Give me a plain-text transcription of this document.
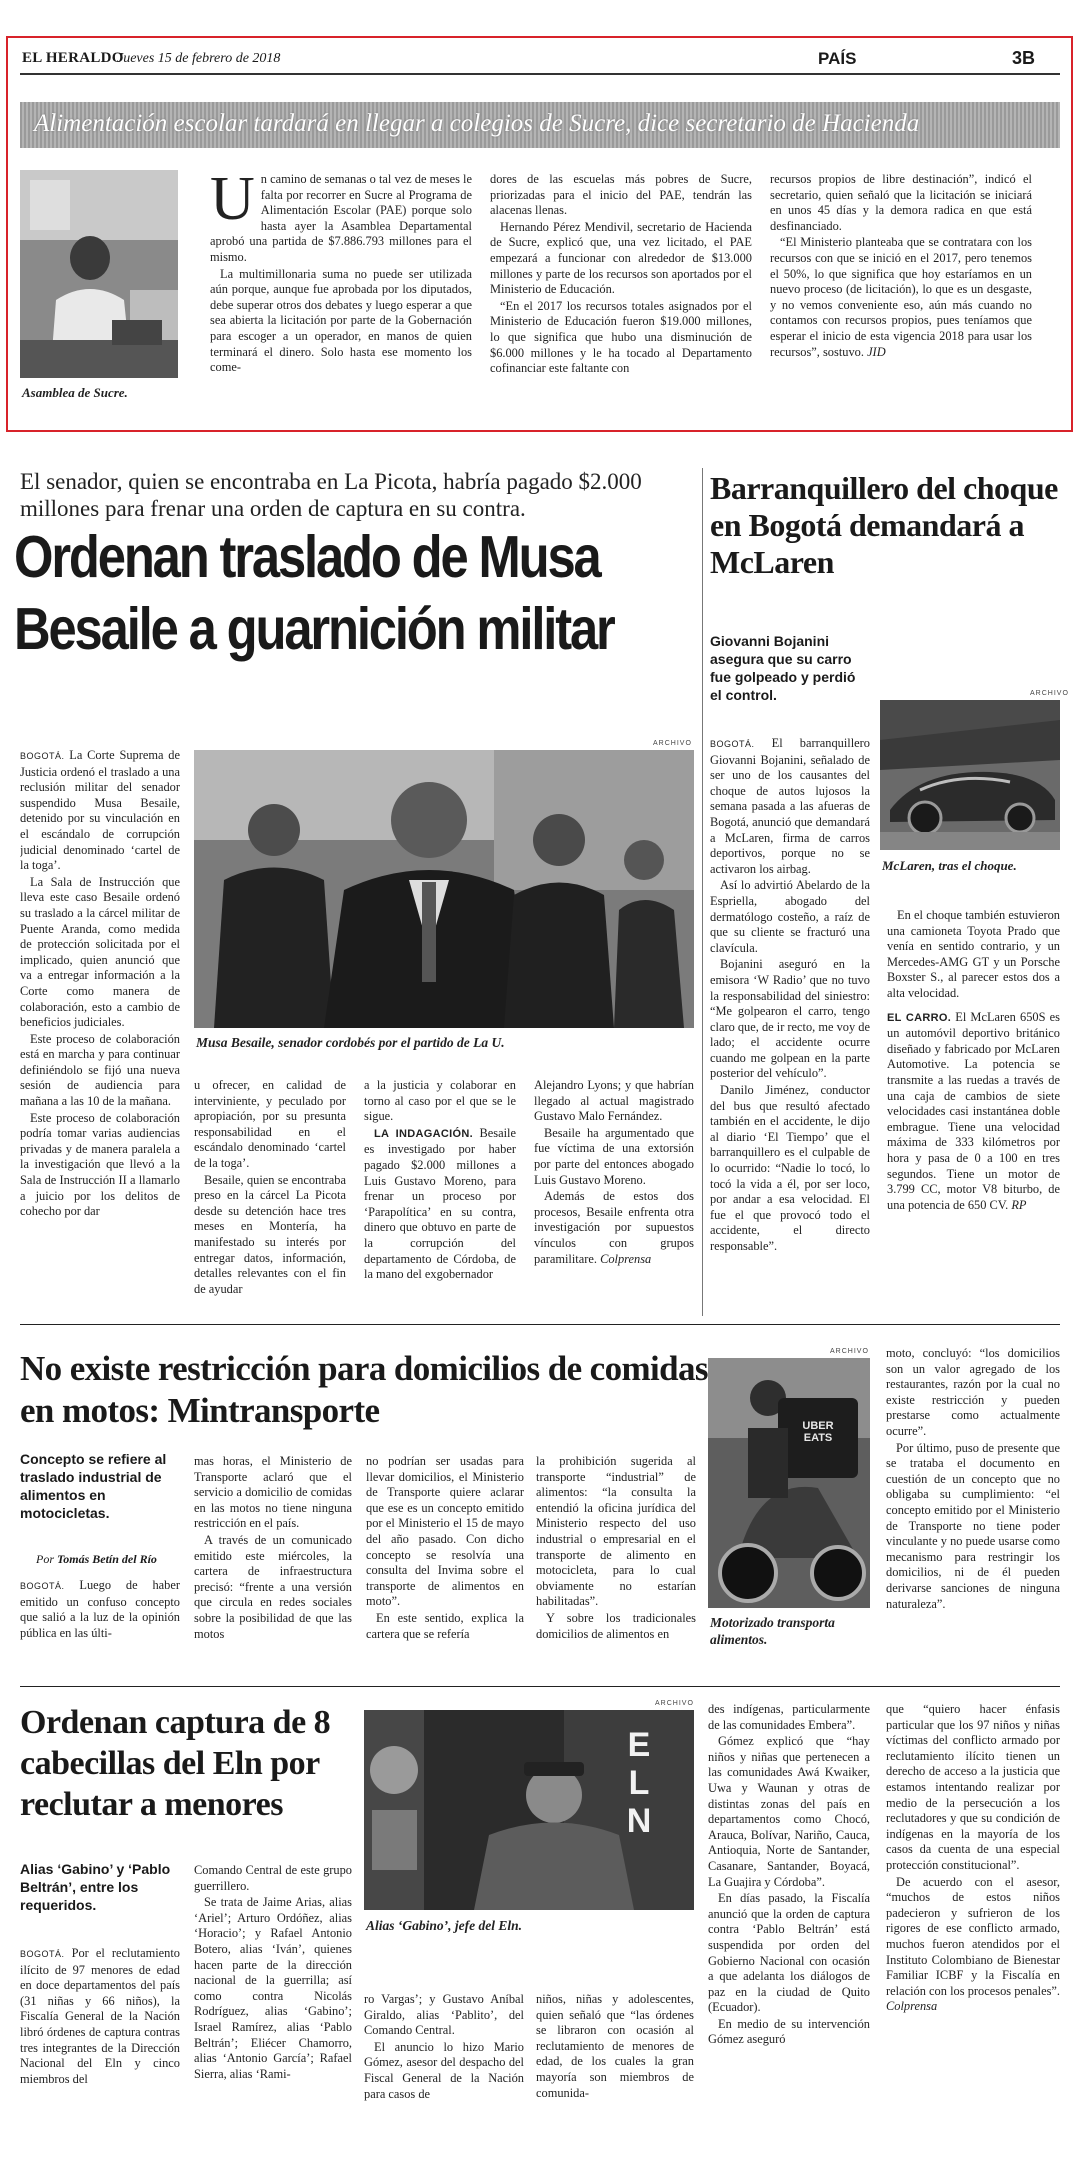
EL HERALDO
Jueves 15 de febrero de 2018	PAÍS	3B
Alimentación escolar tardará en llegar a colegios de Sucre, dice secretario de Hacienda
Asamblea de Sucre.
U n camino de semanas o tal vez de meses le falta por recorrer en Sucre al Programa de Alimentación Escolar (PAE) porque solo hasta ayer la Asamblea Departamental aprobó una partida de $7.886.793 millones para el mismo.

La multimillonaria suma no puede ser utilizada aún porque, aunque fue aprobada por los diputados, debe superar otros dos debates y luego esperar a que sea abierta la licitación por parte de la Gobernación para escoger a un operador, en manos de quien terminará el dinero. Solo hasta ese momento los come-

dores de las escuelas más pobres de Sucre, priorizadas para el inicio del PAE, tendrán las alacenas llenas.

Hernando Pérez Mendivil, secretario de Hacienda de Sucre, explicó que, una vez licitado, el PAE empezará a funcionar con alrededor de $13.000 millones y parte de los recursos son aportados por el Ministerio de Educación.

“En el 2017 los recursos totales asignados por el Ministerio de Educación fueron $19.000 millones, lo que significa que hubo una disminución de $6.000 millones y le ha tocado al Departamento cofinanciar este faltante con

recursos propios de libre destinación”, indicó el secretario, quien señaló que la licitación se iniciará en unos 45 días y la demora radica en que está desfinanciado.

“El Ministerio planteaba que se contratara con los recursos con que se inició en el 2017, pero tenemos el 50%, lo que significa que hoy estaríamos en un nuevo proceso (de licitación), lo que es un desgaste, y no vemos conveniente eso, aún más cuando no contamos con recursos propios, pues teníamos que esperar el inicio de esta vigencia 2018 para usar los recursos”, sostuvo. JID

El senador, quien se encontraba en La Picota, habría pagado $2.000 millones para frenar una orden de captura en su contra.
Ordenan traslado de Musa
Besaile a guarnición militar

BOGOTÁ. La Corte Suprema de Justicia ordenó el traslado a una reclusión militar del senador suspendido Musa Besaile, detenido por su vinculación en el escándalo de corrupción judicial denominado ‘cartel de la toga’.

La Sala de Instrucción que lleva este caso Besaile ordenó su traslado a la cárcel militar de Puente Aranda, como medida de protección solicitada por el implicado, quien anunció que va a entregar información a la Corte como manera de colaboración, esto a cambio de beneficios judiciales.

Este proceso de colaboración está en marcha y para continuar definiéndolo se fijó una nueva sesión de audiencia para mañana a las 10 de la mañana.

Este proceso de colaboración podría tomar varias audiencias privadas y de manera paralela a la investigación que llevó a la Sala de Instrucción II a llamarlo a juicio por los delitos de cohecho por dar

ARCHIVO
Musa Besaile, senador cordobés por el partido de La U.

u ofrecer, en calidad de interviniente, y peculado por apropiación, por su presunta responsabilidad en el escándalo denominado ‘cartel de la toga’.

Besaile, quien se encontraba preso en la cárcel La Picota desde su detención hace tres meses en Montería, ha manifestado su interés por entregar datos, información, detalles relevantes con el fin de ayudar

a la justicia y colaborar en torno al caso por el que se le sigue.

LA INDAGACIÓN. Besaile es investigado por haber pagado $2.000 millones a Luis Gustavo Moreno, para frenar un proceso por ‘Parapolítica’ en su contra, dinero que obtuvo en parte de la corrupción del departamento de Córdoba, de la mano del exgobernador

Alejandro Lyons; y que habrían llegado al actual magistrado Gustavo Malo Fernández.

Besaile ha argumentado que fue víctima de una extorsión por parte del entonces abogado Luis Gustavo Moreno.

Además de estos dos procesos, Besaile enfrenta otra investigación por supuestos vínculos con grupos paramilitare. Colprensa

Barranquillero del choque en Bogotá demandará a McLaren
Giovanni Bojanini asegura que su carro fue golpeado y perdió el control.	ARCHIVO
McLaren, tras el choque.

BOGOTÁ. El barranquillero Giovanni Bojanini, señalado de ser uno de los causantes del choque de autos lujosos la semana pasada a las afueras de Bogotá, anunció que demandará a McLaren, firma de carros deportivos, porque no se activaron los airbag.

Así lo advirtió Abelardo de la Espriella, abogado del dermatólogo costeño, a raíz de que su cliente se fracturó una clavícula.

Bojanini aseguró en la emisora ‘W Radio’ que no tuvo la responsabilidad del siniestro: “Me golpearon el carro, tengo claro que, de ir recto, me voy de lado; el accidente ocurre cuando me golpean en la parte posterior del vehículo”.

Danilo Jiménez, conductor del bus que resultó afectado también en el accidente, le dijo al diario ‘El Tiempo’ que el barranquillero es el culpable de lo ocurrido: “Nadie lo tocó, lo tocó la vida a él, por ser loco, por andar a esa velocidad. El fue el que provocó todo el accidente, el directo responsable”.

En el choque también estuvieron una camioneta Toyota Prado que venía en sentido contrario, y un Mercedes-AMG GT y un Porsche Boxster S., al parecer estos dos a alta velocidad.

EL CARRO. El McLaren 650S es un automóvil deportivo británico diseñado y fabricado por McLaren Automotive. La potencia se transmite a las ruedas a través de una caja de cambios de siete velocidades casi instantánea doble embrague. Tiene una velocidad máxima de 333 kilómetros por hora y pasa de 0 a 100 en tres segundos. Tiene un motor de 3.799 CC, motor V8 biturbo, de una potencia de 650 CV. RP

No existe restricción para domicilios de comidas en motos: Mintransporte
Concepto se refiere al traslado industrial de alimentos en motocicletas.
Por Tomás Betín del Río

BOGOTÁ. Luego de haber emitido un confuso concepto que salió a la luz de la opinión pública en las últi-

mas horas, el Ministerio de Transporte aclaró que el servicio a domicilio de comidas en las motos no tiene ninguna restricción en el país.

A través de un comunicado emitido este miércoles, la cartera de infraestructura precisó: “frente a una versión que circula en redes sociales sobre la posibilidad de que las motos

no podrían ser usadas para llevar domicilios, el Ministerio de Transporte quiere aclarar que ese es un concepto emitido por el Ministerio el 15 de mayo del año pasado. Con dicho concepto se resolvía una consulta del Invima sobre el transporte de alimentos en moto”.

En este sentido, explica la cartera que se refería

la prohibición sugerida al transporte “industrial” de alimentos: “la consulta la entendió la oficina jurídica del Ministerio respecto del uso industrial o empresarial en el transporte de alimento en motocicleta, para lo cual obviamente no estarían habilitadas”.

Y sobre los tradicionales domicilios de alimentos en

ARCHIVO
UBER EATS
Motorizado transporta alimentos.

moto, concluyó: “los domicilios son un valor agregado de los restaurantes, razón por la cual no existe restricción y pueden prestarse como actualmente ocurre”.

Por último, puso de presente que se trataba el documento en cuestión de un concepto que no obligaba su cumplimiento: “el concepto emitido por el Ministerio de Transporte no tiene poder vinculante y no puede usarse como mecanismo para restringir los domicilios, ni de él pueden derivarse sanciones de ninguna naturaleza”.

Ordenan captura de 8 cabecillas del Eln por reclutar a menores
Alias ‘Gabino’ y ‘Pablo Beltrán’, entre los requeridos.

BOGOTÁ. Por el reclutamiento ilícito de 97 menores de edad en doce departamentos del país (31 niñas y 66 niños), la Fiscalía General de la Nación libró órdenes de captura contras tres integrantes de la Dirección Nacional del Eln y cinco miembros del

ARCHIVO
ELN
Alias ‘Gabino’, jefe del Eln.

Comando Central de este grupo guerrillero.

Se trata de Jaime Arias, alias ‘Ariel’; Arturo Ordóñez, alias ‘Horacio’; y Rafael Antonio Botero, alias ‘Iván’, quienes hacen parte de la dirección nacional de la guerrilla; así como contra Nicolás Rodríguez, alias ‘Gabino’; Israel Ramírez, alias ‘Pablo Beltrán’; Eliécer Chamorro, alias ‘Antonio García’; Rafael Sierra, alias ‘Rami-

ro Vargas’; y Gustavo Aníbal Giraldo, alias ‘Pablito’, del Comando Central.

El anuncio lo hizo Mario Gómez, asesor del despacho del Fiscal General de la Nación para casos de

niños, niñas y adolescentes, quien señaló que “las órdenes se libraron con ocasión al reclutamiento de menores de edad, de los cuales la gran mayoría son miembros de comunida-

des indígenas, particularmente de las comunidades Embera”.

Gómez explicó que “hay niños y niñas que pertenecen a las comunidades Awá Kwaiker, Uwa y Waunan y otras de distintas zonas del país en departamentos como Chocó, Arauca, Bolívar, Nariño, Cauca, Antioquia, Norte de Santander, Casanare, Santander, Boyacá, La Guajira y Córdoba”.

En días pasado, la Fiscalía anunció que la orden de captura contra ‘Pablo Beltrán’ está suspendida por orden del Gobierno Nacional con ocasión a que adelanta los diálogos de paz en la ciudad de Quito (Ecuador).

En medio de su intervención Gómez aseguró

que “quiero hacer énfasis particular que los 97 niños y niñas víctimas del conflicto armado por reclutamiento ilícito tienen un derecho de acceso a la justicia que estamos intentando realizar por medio de la persecución a los reclutadores y que su condición de indígenas en la mayoría de los casos da cuenta de una especial protección constitucional”.

De acuerdo con el asesor, “muchos de estos niños padecieron y sufrieron de los rigores de ese conflicto armado, muchos fueron atendidos por el Instituto Colombiano de Bienestar Familiar ICBF y la Fiscalía en relación con los procesos penales”. Colprensa
